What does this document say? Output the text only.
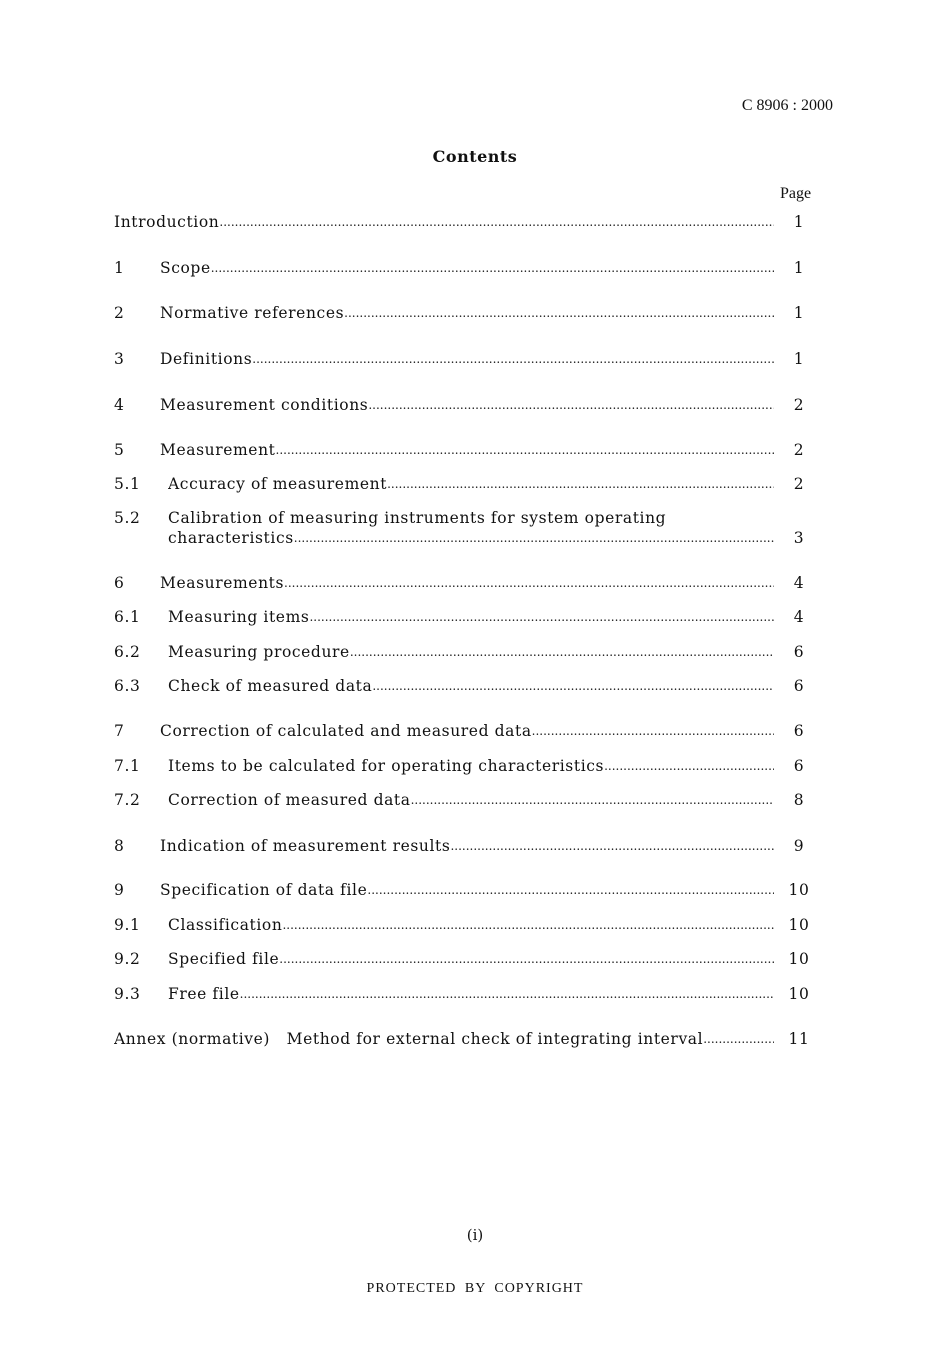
C 8906 : 2000
Contents
Page
Introduction .....	1
1 Scope .....	1
2 Normative references .....	1
3 Definitions .....	1
4 Measurement conditions .....	2
5 Measurement .....	2
5.1 Accuracy of measurement .....	2
5.2 Calibration of measuring instruments for system operating
characteristics .....	3
6 Measurements .....	4
6.1 Measuring items .....	4
6.2 Measuring procedure .....	6
6.3 Check of measured data .....	6
7 Correction of calculated and measured data .....	6
7.1 Items to be calculated for operating characteristics .....	6
7.2 Correction of measured data .....	8
8 Indication of measurement results .....	9
9 Specification of data file .....	10
9.1 Classification .....	10
9.2 Specified file .....	10
9.3 Free file .....	10
Annex (normative)   Method for external check of integrating interval .....	11
(i)
PROTECTED BY COPYRIGHT
